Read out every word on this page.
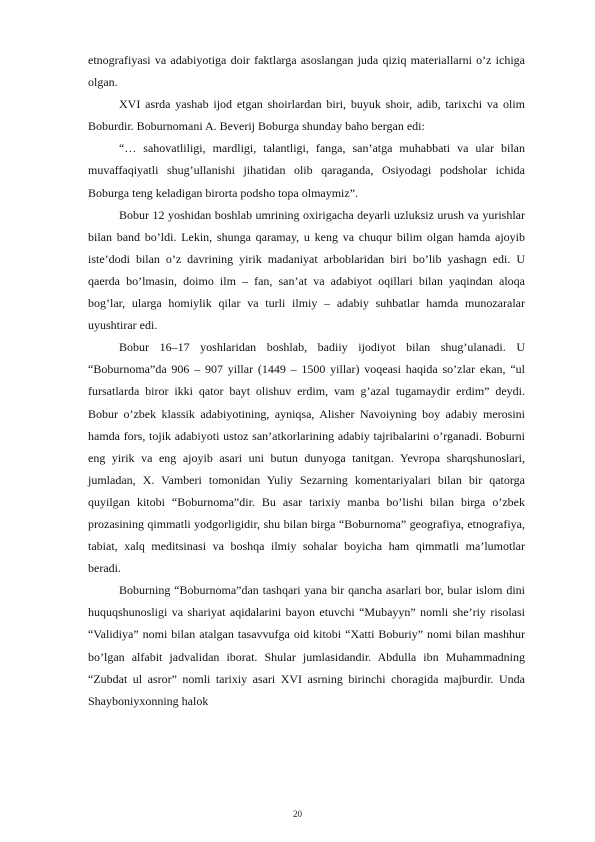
etnografiyasi va adabiyotiga doir faktlarga asoslangan juda qiziq materiallarni o’z ichiga olgan.

XVI asrda yashab ijod etgan shoirlardan biri, buyuk shoir, adib, tarixchi va olim Boburdir. Boburnomani A. Beverij Boburga shunday baho bergan edi:

“… sahovatliligi, mardligi, talantligi, fanga, san’atga muhabbati va ular bilan muvaffaqiyatli shug’ullanishi jihatidan olib qaraganda, Osiyodagi podsholar ichida Boburga teng keladigan birorta podsho topa olmaymiz”.

Bobur 12 yoshidan boshlab umrining oxirigacha deyarli uzluksiz urush va yurishlar bilan band bo’ldi. Lekin, shunga qaramay, u keng va chuqur bilim olgan hamda ajoyib iste’dodi bilan o’z davrining yirik madaniyat arboblaridan biri bo’lib yashagn edi. U qaerda bo’lmasin, doimo ilm – fan, san’at va adabiyot oqillari bilan yaqindan aloqa bog’lar, ularga homiylik qilar va turli ilmiy – adabiy suhbatlar hamda munozaralar uyushtirar edi.

Bobur 16–17 yoshlaridan boshlab, badiiy ijodiyot bilan shug’ulanadi. U “Boburnoma”da 906 – 907 yillar (1449 – 1500 yillar) voqeasi haqida so’zlar ekan, “ul fursatlarda biror ikki qator bayt olishuv erdim, vam g’azal tugamaydir erdim” deydi. Bobur o’zbek klassik adabiyotining, ayniqsa, Alisher Navoiyning boy adabiy merosini hamda fors, tojik adabiyoti ustoz san’atkorlarining adabiy tajribalarini o’rganadi. Boburni eng yirik va eng ajoyib asari uni butun dunyoga tanitgan. Yevropa sharqshunoslari, jumladan, X. Vamberi tomonidan Yuliy Sezarning komentariyalari bilan bir qatorga quyilgan kitobi “Boburnoma”dir. Bu asar tarixiy manba bo’lishi bilan birga o’zbek prozasining qimmatli yodgorligidir, shu bilan birga “Boburnoma” geografiya, etnografiya, tabiat, xalq meditsinasi va boshqa ilmiy sohalar boyicha ham qimmatli ma’lumotlar beradi.

Boburning “Boburnoma”dan tashqari yana bir qancha asarlari bor, bular islom dini huquqshunosligi va shariyat aqidalarini bayon etuvchi “Mubayyn” nomli she’riy risolasi “Validiya” nomi bilan atalgan tasavvufga oid kitobi “Xatti Boburiy” nomi bilan mashhur bo’lgan alfabit jadvalidan iborat. Shular jumlasidandir. Abdulla ibn Muhammadning “Zubdat ul asror” nomli tarixiy asari XVI asrning birinchi choragida majburdir. Unda Shayboniyxonning halok

20
